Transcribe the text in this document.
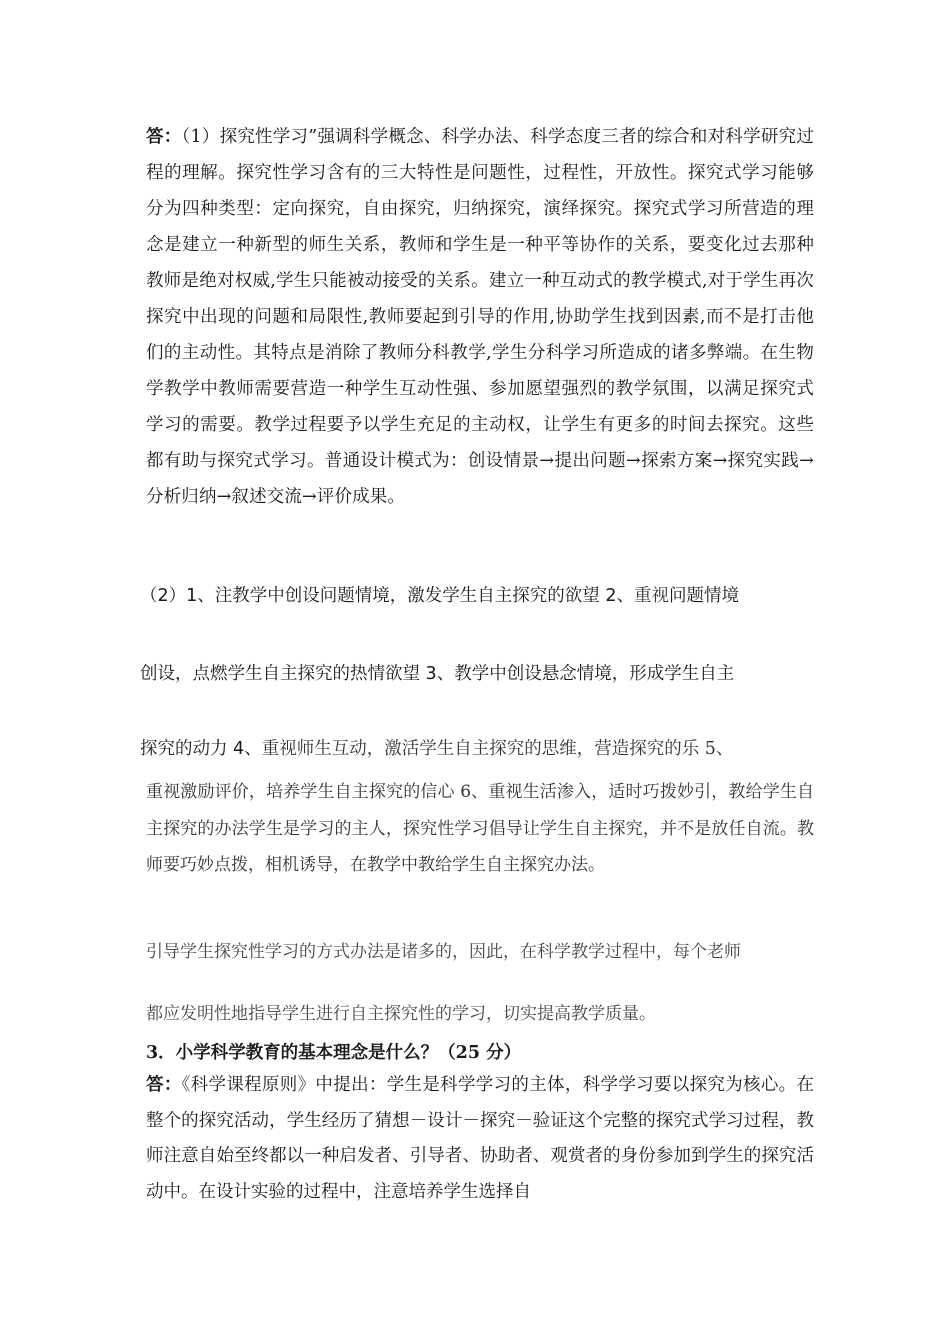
答：（1）探究性学习”强调科学概念、科学办法、科学态度三者的综合和对科学研究过程的理解。探究性学习含有的三大特性是问题性，过程性，开放性。探究式学习能够分为四种类型：定向探究，自由探究，归纳探究，演绎探究。探究式学习所营造的理念是建立一种新型的师生关系，教师和学生是一种平等协作的关系，要变化过去那种教师是绝对权威,学生只能被动接受的关系。建立一种互动式的教学模式,对于学生再次探究中出现的问题和局限性,教师要起到引导的作用,协助学生找到因素,而不是打击他们的主动性。其特点是消除了教师分科教学,学生分科学习所造成的诸多弊端。在生物学教学中教师需要营造一种学生互动性强、参加愿望强烈的教学氛围，以满足探究式学习的需要。教学过程要予以学生充足的主动权，让学生有更多的时间去探究。这些都有助与探究式学习。普通设计模式为：创设情景→提出问题→探索方案→探究实践→分析归纳→叙述交流→评价成果。

（2）1、注教学中创设问题情境，激发学生自主探究的欲望 2、重视问题情境

创设，点燃学生自主探究的热情欲望 3、教学中创设悬念情境，形成学生自主

探究的动力 4、重视师生互动，激活学生自主探究的思维，营造探究的乐 5、

重视激励评价，培养学生自主探究的信心 6、重视生活渗入，适时巧拨妙引，教给学生自主探究的办法学生是学习的主人，探究性学习倡导让学生自主探究，并不是放任自流。教师要巧妙点拨，相机诱导，在教学中教给学生自主探究办法。

引导学生探究性学习的方式办法是诸多的，因此，在科学教学过程中，每个老师

都应发明性地指导学生进行自主探究性的学习，切实提高教学质量。

3．小学科学教育的基本理念是什么？（25 分）

答：《科学课程原则》中提出：学生是科学学习的主体，科学学习要以探究为核心。在整个的探究活动，学生经历了猜想－设计－探究－验证这个完整的探究式学习过程，教师注意自始至终都以一种启发者、引导者、协助者、观赏者的身份参加到学生的探究活动中。在设计实验的过程中，注意培养学生选择自
